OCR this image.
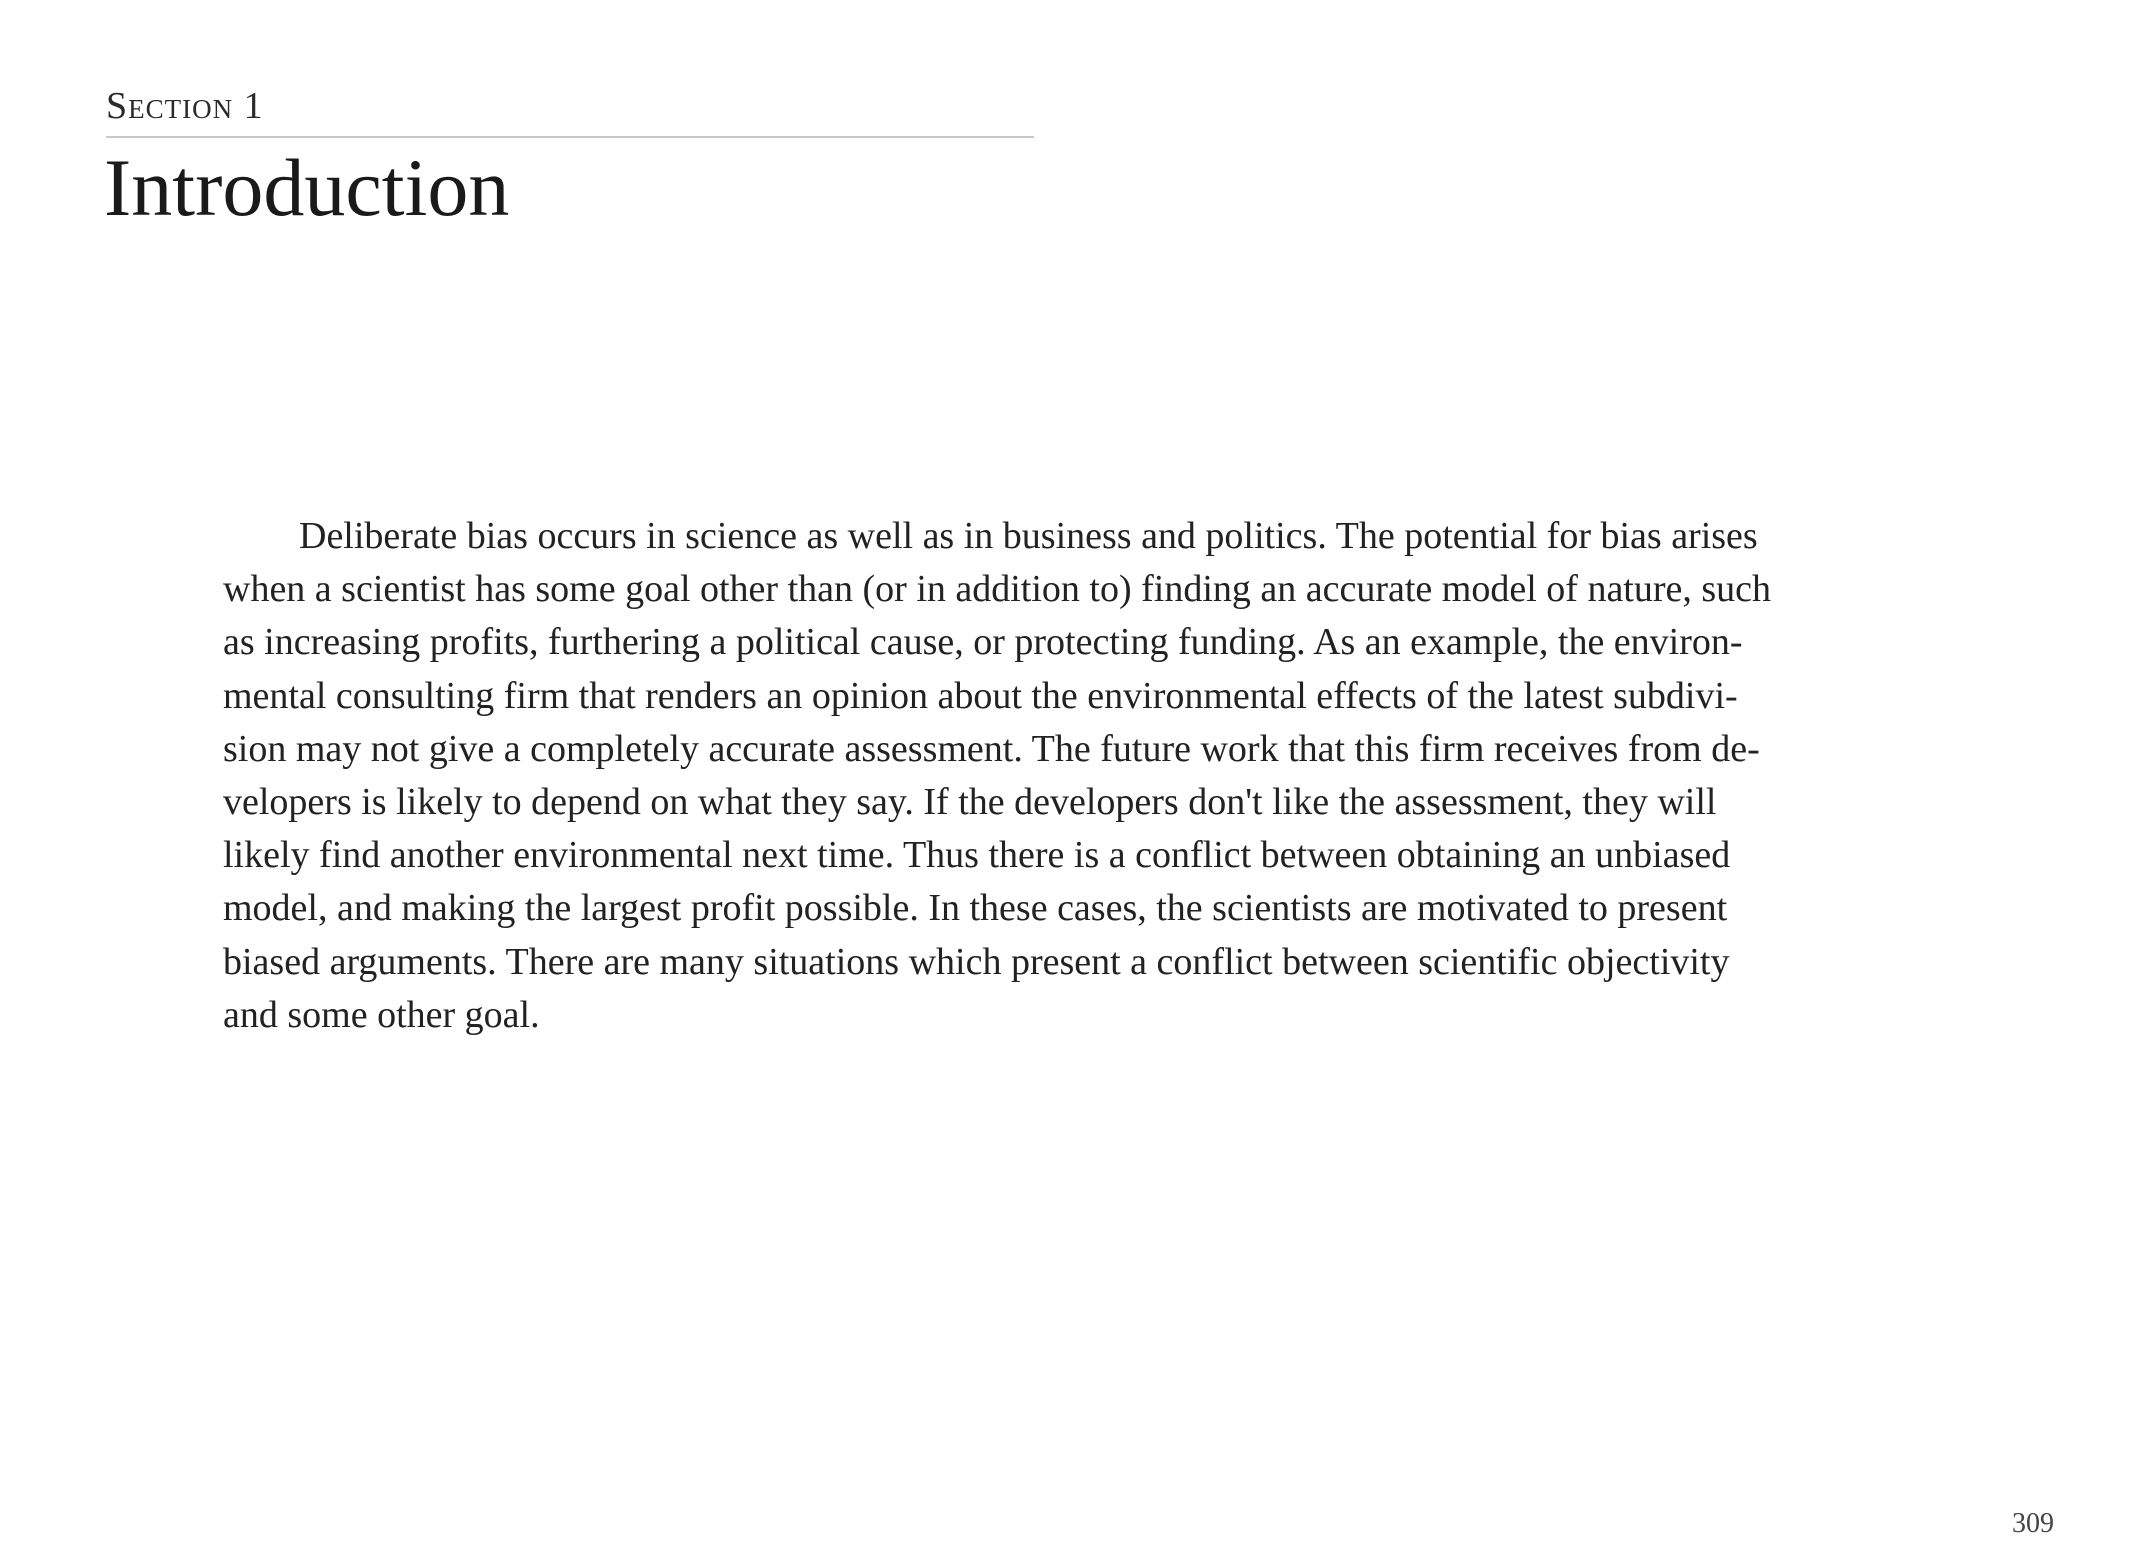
Section 1
Introduction

Deliberate bias occurs in science as well as in business and politics. The potential for bias arises
when a scientist has some goal other than (or in addition to) finding an accurate model of nature, such
as increasing profits, furthering a political cause, or protecting funding. As an example, the environ-
mental consulting firm that renders an opinion about the environmental effects of the latest subdivi-
sion may not give a completely accurate assessment. The future work that this firm receives from de-
velopers is likely to depend on what they say. If the developers don't like the assessment, they will
likely find another environmental next time. Thus there is a conflict between obtaining an unbiased
model, and making the largest profit possible. In these cases, the scientists are motivated to present
biased arguments. There are many situations which present a conflict between scientific objectivity
and some other goal.

309
